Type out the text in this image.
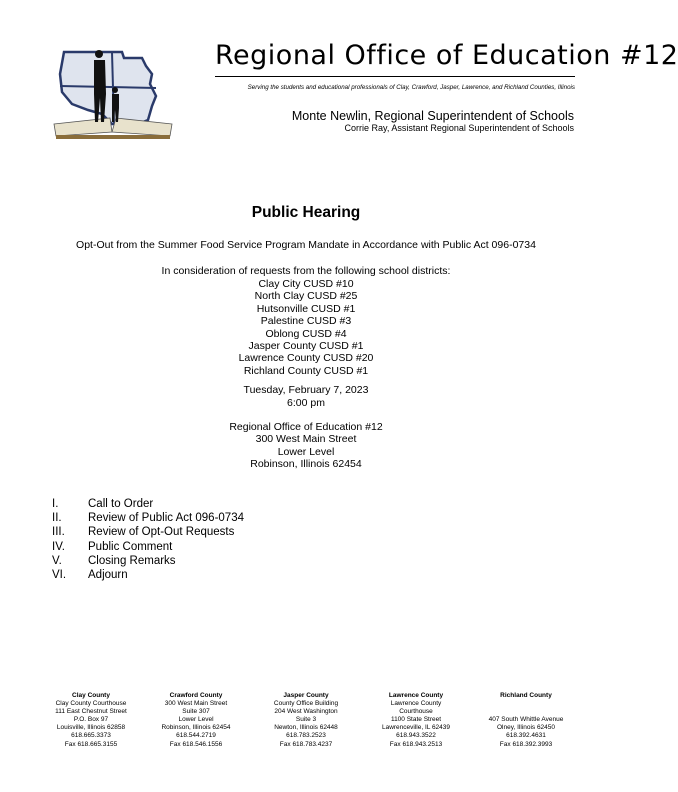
Regional Office of Education #12
Serving the students and educational professionals of Clay, Crawford, Jasper, Lawrence, and Richland Counties, Illinois
Monte Newlin, Regional Superintendent of Schools
Corrie Ray, Assistant Regional Superintendent of Schools
Public Hearing
Opt-Out from the Summer Food Service Program Mandate in Accordance with Public Act 096-0734
In consideration of requests from the following school districts:
Clay City CUSD #10
North Clay CUSD #25
Hutsonville CUSD #1
Palestine CUSD #3
Oblong CUSD #4
Jasper County CUSD #1
Lawrence County CUSD #20
Richland County CUSD #1
Tuesday, February 7, 2023
6:00 pm
Regional Office of Education #12
300 West Main Street
Lower Level
Robinson, Illinois 62454
I.	Call to Order
II.	Review of Public Act 096-0734
III.	Review of Opt-Out Requests
IV.	Public Comment
V.	Closing Remarks
VI.	Adjourn
Clay County
Clay County Courthouse
111 East Chestnut Street
P.O. Box 97
Louisville, Illinois 62858
618.665.3373
Fax 618.665.3155
Crawford County
300 West Main Street
Suite 307
Lower Level
Robinson, Illinois 62454
618.544.2719
Fax 618.546.1556
Jasper County
County Office Building
204 West Washington
Suite 3
Newton, Illinois 62448
618.783.2523
Fax 618.783.4237
Lawrence County
Lawrence County
Courthouse
1100 State Street
Lawrenceville, IL 62439
618.943.3522
Fax 618.943.2513
Richland County
407 South Whittle Avenue
Olney, Illinois 62450
618.392.4631
Fax 618.392.3993
